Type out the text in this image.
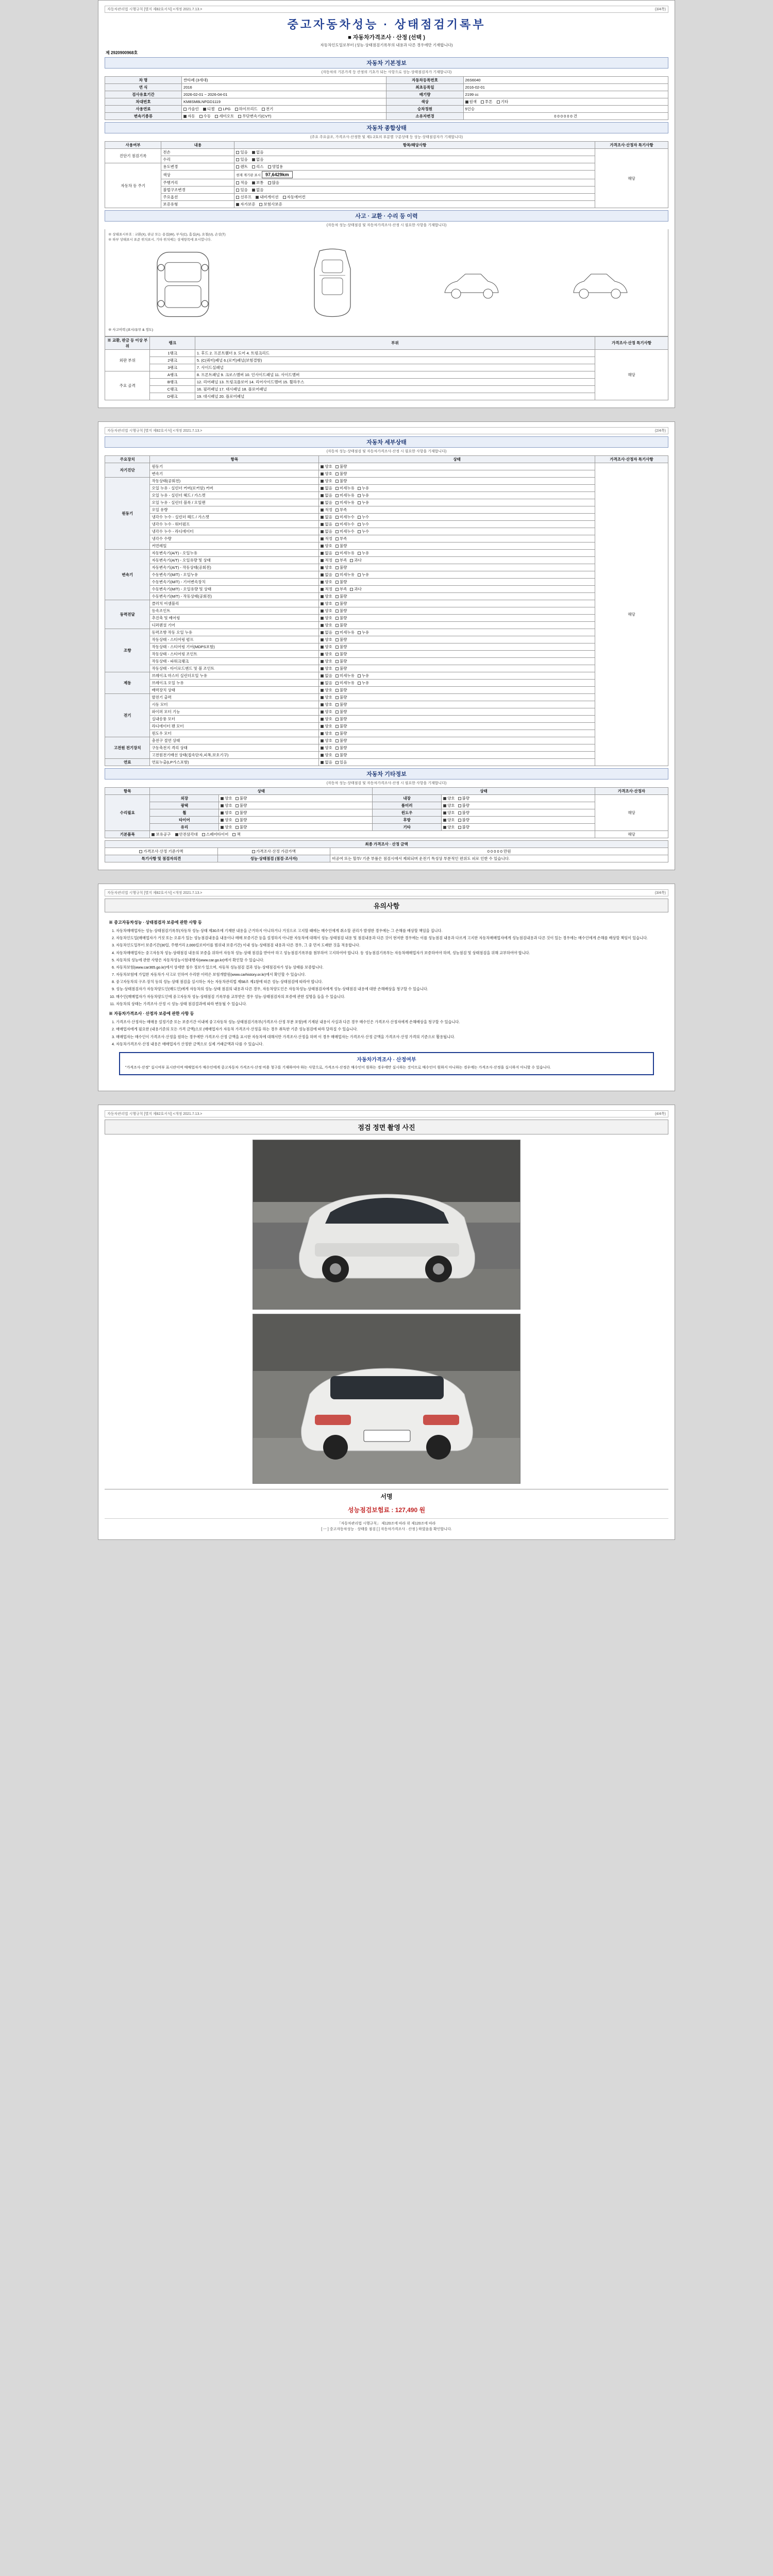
자동차관리법 시행규칙 [별지 제82호서식] <개정 2021.7.13.>	(3/4쪽)
중고자동차성능 · 상태점검기록부
■ 자동차가격조사 · 산정 (선택 )
자동차인도일로부터 (성능·상태점검기록부의 내용과 다른 경우에만 기재합니다)
제 2920900968호
자동차 기본정보
(자동차의 기본가격 등 산정의 기초가 되는 사항으로 성능·상태점검자가 기재합니다)
차 명	싼타페 (3세대)	자동차등록번호	26S6040
연 식	2016	최초등록일	2016-02-01
검사유효기간	2026-02-01 ~ 2026-04-01	배기량	2199 cc
차대번호	KM8SM8LNFGD1119	색상	원색 투톤 기타
사용연료	가솔린 디젤 LPG 하이브리드 전기	승차정원	5인승
변속기종류	자동 수동 세미오토 무단변속기(CVT)	소유자변경	0 0 0 0 0 0 건
자동차 종합상태
(주요 주요골조, 가격조사·산정한 및 제1·2호의 부분별 구분상태 등 성능·상태점검자가 기재합니다)
사용여부	내용	항목/해당사항	가격조사·산정자 특기사항
진단기 점검기록	전손	있음 없음	해당
	수리	있음 없음	
자동차 등 주기	용도변경	렌트 리스 영업용	
	색상	현재 계기판 표시 97,6429km	
	주행거리	적음 보통 많음	
	불법구조변경	있음 없음	
	주요옵션	선루프 내비게이션 자동에어컨	
	보증유형	자가보증 보험사보증	
사고 · 교환 · 수리 등 이력
(자동차 성능·상태점검 및 자동차가격조사·산정 시 필요한 사항을 기재합니다)
※ 상태표시부호 : 교환(X), 판금 또는 용접(W), 부식(C), 흠집(A), 요철(U), 손상(T)
※ 하부 상태표시 표준 위치표시, 기타 위치에는 상세항목에 표시합니다.
※ 사고이력 (표시/유무 & 정도)
※ 교환, 판금 등 이상 부위	랭크	부위	가격조사·산정 특기사항
외판 부위	1랭크	1. 후드 2. 프론트휀더 3. 도어 4. 트렁크리드	해당
	2랭크	5. (C(쿼터)패널 6.(로커)패널(보험결함)	
	3랭크	7. 사이드실패널	
주요 골격	A랭크	8. 프론트패널 9. 크로스멤버 10. 인사이드패널 11. 사이드멤버	
	B랭크	12. 리어패널 13. 트렁크플로어 14. 리어사이드멤버 15. 휠하우스	
	C랭크	16. 필러패널 17. 대시패널 18. 플로어패널	
	D랭크	19. 대시패널 20. 플로어패널	
자동차관리법 시행규칙 [별지 제82호서식] <개정 2021.7.13.>	(2/4쪽)
자동차 세부상태
(자동차 성능·상태점검 및 자동차가격조사·산정 시 필요한 사항을 기재합니다)
주요장치	항목	상태	가격조사·산정자 특기사항
자기진단	원동기	양호 불량	해당
	변속기	양호 불량	
원동기	작동상태(공회전)	양호 불량	
	오일 누유 - 실린더 커버(로커암) 커버	없음 미세누유 누유	
	오일 누유 - 실린더 헤드 / 가스켓	없음 미세누유 누유	
	오일 누유 - 실린더 블록 / 오일팬	없음 미세누유 누유	
	오일 유량	적정 부족	
	냉각수 누수 - 실린더 헤드 / 가스켓	없음 미세누수 누수	
	냉각수 누수 - 워터펌프	없음 미세누수 누수	
	냉각수 누수 - 라디에이터	없음 미세누수 누수	
	냉각수 수량	적정 부족	
	커먼레일	양호 불량	
변속기	자동변속기(A/T) - 오일누유	없음 미세누유 누유	
	자동변속기(A/T) - 오일유량 및 상태	적정 부족 과다	
	자동변속기(A/T) - 작동상태(공회전)	양호 불량	
	수동변속기(M/T) - 오일누유	없음 미세누유 누유	
	수동변속기(M/T) - 기어변속장치	양호 불량	
	수동변속기(M/T) - 오일유량 및 상태	적정 부족 과다	
	수동변속기(M/T) - 작동상태(공회전)	양호 불량	
동력전달	클러치 어셈블리	양호 불량	
	등속조인트	양호 불량	
	추진축 및 베어링	양호 불량	
	디퍼렌셜 기어	양호 불량	
조향	동력조향 작동 오일 누유	없음 미세누유 누유	
	작동상태 - 스티어링 펌프	양호 불량	
	작동상태 - 스티어링 기어(MDPS포함)	양호 불량	
	작동상태 - 스티어링 조인트	양호 불량	
	작동상태 - 파워크랭크	양호 불량	
	작동상태 - 타이로드엔드 및 볼 조인트	양호 불량	
제동	브레이크 마스터 실린더오일 누유	없음 미세누유 누유	
	브레이크 오일 누유	없음 미세누유 누유	
	배력장치 상태	양호 불량	
전기	발전기 출력	양호 불량	
	시동 모터	양호 불량	
	와이퍼 모터 기능	양호 불량	
	실내송풍 모터	양호 불량	
	라디에이터 팬 모터	양호 불량	
	윈도우 모터	양호 불량	
고전원 전기장치	충전구 절연 상태	양호 불량	
	구동축전지 격리 상태	양호 불량	
	고전원전기배선 상태(접속단자,피복,보호기구)	양호 불량	
연료	연료누출(LP가스포함)	없음 있음	
자동차 기타정보
(자동차 성능·상태점검 및 자동차가격조사·산정 시 필요한 사항을 기재합니다)
항목	상태		상태		가격조사·산정자
수리필요	외장	양호 불량	내장	양호 불량	해당
	광택	양호 불량	룸미러	양호 불량	
	휠	양호 불량	윈도우	양호 불량	
	타이어	양호 불량	후방	양호 불량	
	유리	양호 불량	기타	양호 불량	
기본품목	보유공구 안전삼각대 스페어타이어 잭				해당
최종 가격조사 · 산정 금액		
가격조사·산정 기준가액	가격조사·산정 가감가액	0 0 0 0 0 만원
특기사항 및 점검자의견	성능·상태점검 (점검·조사자)	비공여 또는 할부/ 기준 부품은 점검시에서 제외되며 운전기 특성상 부분적인 편위도 피로 인한 수 있습니다.
자동차관리법 시행규칙 [별지 제82호서식] <개정 2021.7.13.>	(3/4쪽)
유의사항
※ 중고자동차성능 · 상태점검자 보증에 관한 사항 등
1. 자동차매매업자는 성능·상태점검기록부(자동차 성능·상태 제30조에 기재한 내용을 근거하지 아니하거나 거짓으로 고지할 때에는 매수인에게 취소할 권리가 발생한 경우에는 그 손해를 배상할 책임을 집니다.
2. 자동차인도일(매매업자가 거짓 또는 오류가 있는 성능점검내용을 내용이나 매매 보증기간 등을 설정하지 아니한 자동차에 대해서 성능·상태점검 내용 및 점검내용과 다른 것이 현저한 경우에는 이를 성능점검 내용과 다르게 고지한 자동차매매업자에게 성능점검내용과 다른 것이 있는 경우에는 매수인에게 손해를 배상할 책임이 있습니다.
3. 자동차인도일부터 보증기간(30일, 주행거리 2,000킬로미터를 범위내 보증기간) 이내 성능·상태점검 내용과 다른 경우, 그 중 먼저 도래한 것을 적용합니다.
4. 자동차매매업자는 중고자동차 성능·상태점검 내용의 보증을 위하여 자동차 성능·상태 점검을 받아야 하고 성능점검기록부를 첨부하여 고지하여야 합니다. 동 성능점검기록부는 자동차매매업자가 보증하여야 하며, 성능점검 및 상태점검을 위해 교부하여야 합니다.
5. 자동차의 성능에 관한 사항은 자동차성능시험대행자(www.car.go.kr)에서 확인할 수 있습니다.
6. 자동차보험(www.car365.go.kr)에서 상세한 침수 정보가 있으며, 자동차 성능점검 결과 성능·상태점검자가 성능 상태를 보증합니다.
7. 자동차보험에 가입한 자동차가 사고로 인하여 수리한 이력은 보험개발원(www.carhistory.or.kr)에서 확인할 수 있습니다.
8. 중고자동차의 구조·장치 등의 성능·상태 점검을 실시하는 자는 자동차관리법 제58조 제1항에 따른 성능·상태점검에 따라야 합니다.
9. 성능·상태점검자가 자동차양도인(매도인)에게 자동차의 성능·상태 점검의 내용과 다른 경우, 자동차양도인은 자동차성능·상태점검자에게 성능·상태점검 내용에 대한 손해배상을 청구할 수 있습니다.
10. 매수인(매매업자가 자동차양도인에 중고자동차 성능·상태점검 기록부를 교부받은 경우 성능·상태점검자의 보증에 관한 설명을 들을 수 있습니다.
11. 자동차의 상태는 가격조사·산정 시 성능·상태 점검결과에 따라 변동될 수 있습니다.
※ 자동차가격조사 · 산정자 보증에 관한 사항 등
1. 가격조사·산정자는 매매용 설정기준 또는 보증기간 이내에 중고자동차 성능·상태점검기록부(가격조사·산정 부분 포함)에 기재된 내용이 사실과 다른 경우 매수인은 가격조사·산정자에게 손해배상을 청구할 수 있습니다.
2. 매매업자에게 필요한 (내용기준의 모든 가격 금액)으로 (매매업자가 자동차 가격조사·산정을 하는 경우 취득한 기준 성능점검에 따라 달라질 수 있습니다.
3. 매매업자는 매수인이 가격조사·산정을 원하는 경우에만 가격조사·산정 금액을 표시한 자동차에 대해서만 가격조사·산정을 하며 이 경우 매매업자는 가격조사·산정 금액을 가격조사·산정 가격의 기준으로 활용됩니다.
4. 자동차가격조사·산정 내용은 매매업자가 산정한 금액으로 실제 거래금액과 다를 수 있습니다.
자동차가격조사 · 산정여부
"가격조사·산정" 실시여부 표시란이며 매매업자가 매수인에게 중고자동차 가격조사·산정 비용 청구를 기재하여야 하는 사항으로, 가격조사·산정은 매수인이 원하는 경우에만 실시하는 것이므로 매수인이 원하지 아니하는 경우에는 가격조사·산정을 실시하지 아니할 수 있습니다.
자동차관리법 시행규칙 [별지 제82호서식] <개정 2021.7.13.>	(4/4쪽)
점검 정면 촬영 사진
서명
성능점검보험료 : 127,490 원
「자동차관리법 시행규칙」 제120조에 따라 위 제120조에 따라
[ ㅡ ] 중고자동차성능 · 상태를 점검 [ ] 자동차가격조사 · 산정 } 하였음을 확인합니다.
